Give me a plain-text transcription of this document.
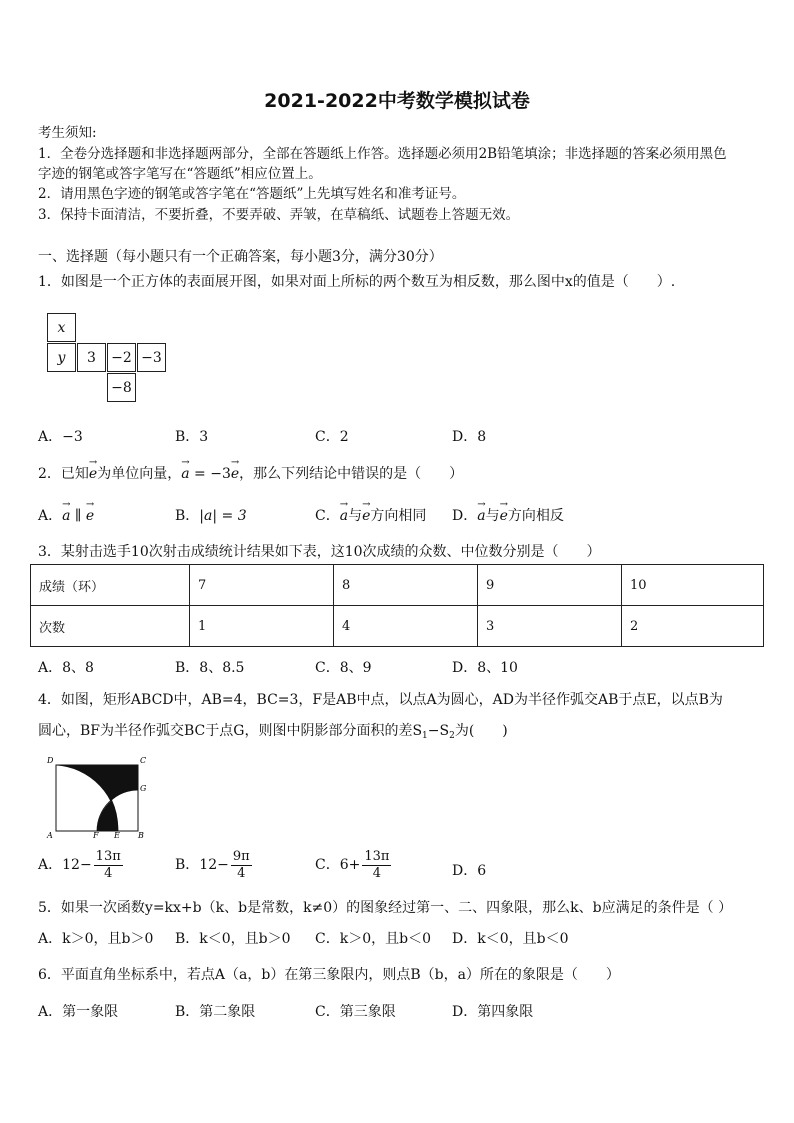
2021-2022中考数学模拟试卷
考生须知:
1．全卷分选择题和非选择题两部分，全部在答题纸上作答。选择题必须用2B铅笔填涂；非选择题的答案必须用黑色
字迹的钢笔或答字笔写在“答题纸”相应位置上。
2．请用黑色字迹的钢笔或答字笔在“答题纸”上先填写姓名和准考证号。
3．保持卡面清洁，不要折叠，不要弄破、弄皱，在草稿纸、试题卷上答题无效。
一、选择题（每小题只有一个正确答案，每小题3分，满分30分）
1．如图是一个正方体的表面展开图，如果对面上所标的两个数互为相反数，那么图中x的值是（　　）.
x
y	3	−2 −3
−8
A．−3	B．3	C．2	D．8
2．已知→ e为单位向量，→ a = −3→ e，那么下列结论中错误的是（　　）
A．→ a ∥ → e	B．|a| = 3	C．→ a与→ e方向相同 D．→ a与→ e方向相反
3．某射击选手10次射击成绩统计结果如下表，这10次成绩的众数、中位数分别是（　　）
成绩（环）	7	8	9	10
次数	1	4	3	2
A．8、8	B．8、8.5	C．8、9	D．8、10
4．如图，矩形ABCD中，AB=4，BC=3，F是AB中点，以点A为圆心，AD为半径作弧交AB于点E，以点B为
圆心，BF为半径作弧交BC于点G，则图中阴影部分面积的差$S_1-S_2$为(　　)
D	C
G
A	F E B
A．$12- \frac{13\pi}{4}$	B．$12- \frac{9\pi}{4}$	C．$6+ \frac{13\pi}{4}$	D．6
5．如果一次函数y=kx+b（k、b是常数，k≠0）的图象经过第一、二、四象限，那么k、b应满足的条件是（ ）
A．k＞0，且b＞0 B．k＜0，且b＞0 C．k＞0，且b＜0 D．k＜0，且b＜0
6．平面直角坐标系中，若点A（a，b）在第三象限内，则点B（b，a）所在的象限是（　　）
A．第一象限	B．第二象限	C．第三象限	D．第四象限
